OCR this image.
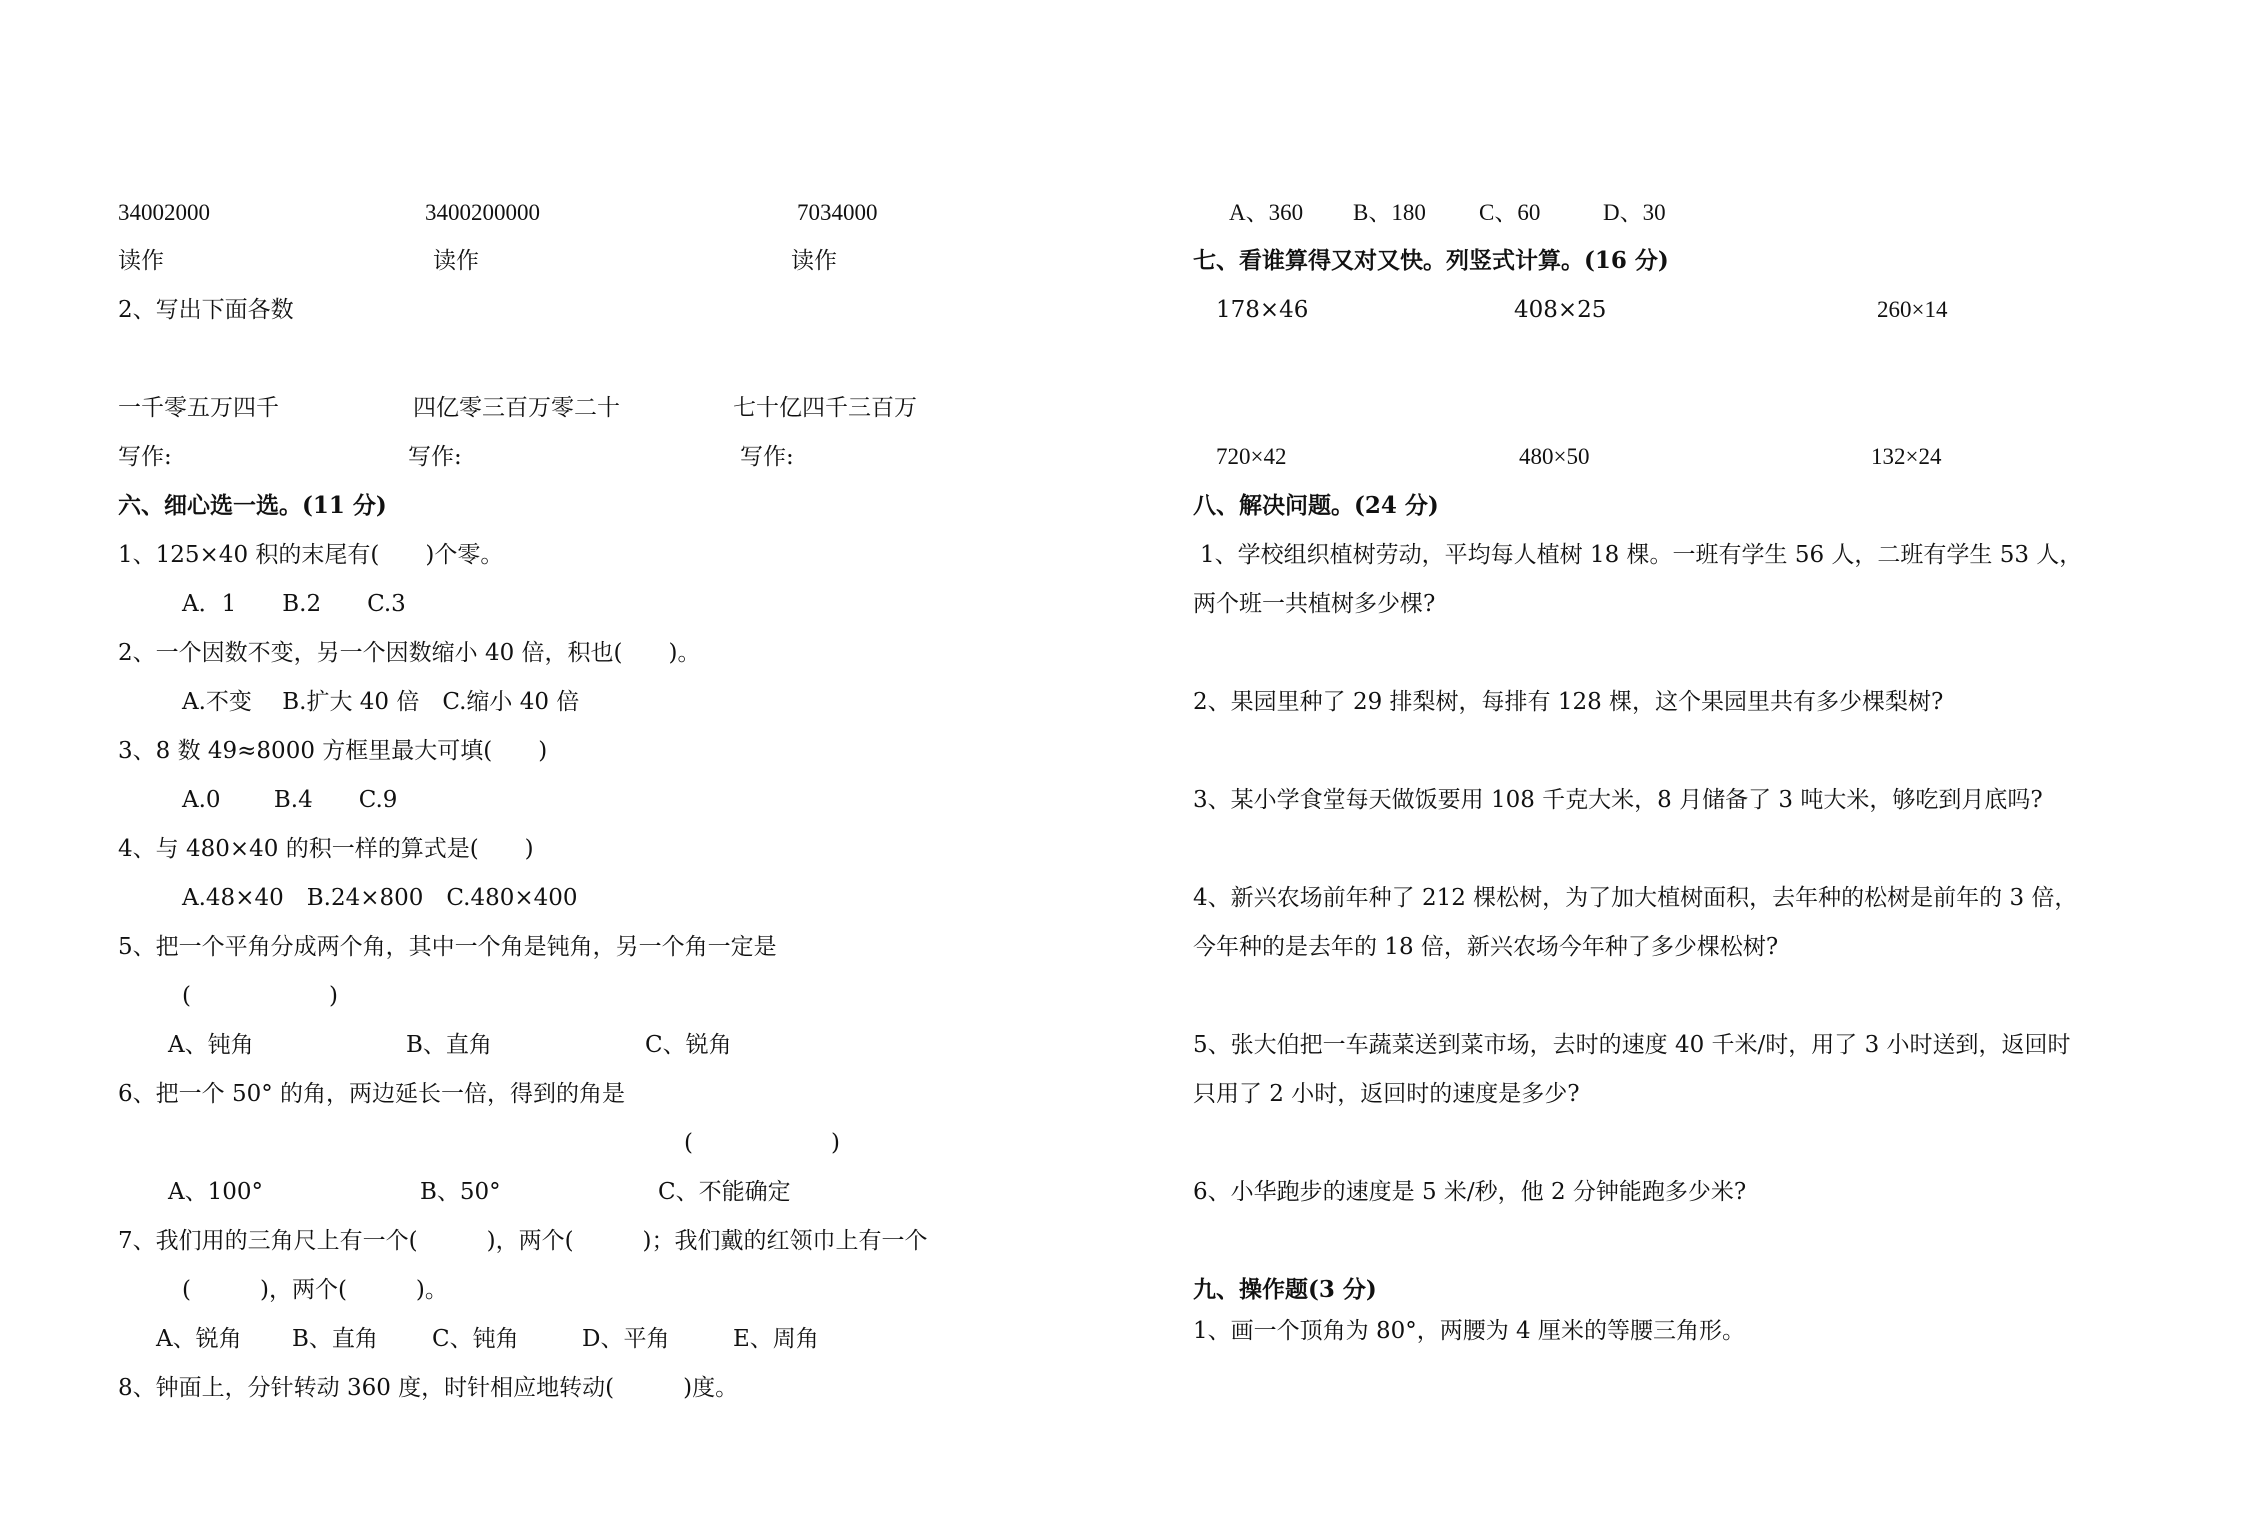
34002000	3400200000	7034000
读作	读作	读作
2、写出下面各数
一千零五万四千	四亿零三百万零二十	七十亿四千三百万
写作:	写作:	写作:
六、细心选一选。(11 分)
1、125×40 积的末尾有(　　)个零。
A．1　　B.2　　C.3
2、一个因数不变，另一个因数缩小 40 倍，积也(　　)。
A.不变　 B.扩大 40 倍　C.缩小 40 倍
3、8 数 49≈8000 方框里最大可填(　　)
A.0　　 B.4　　C.9
4、与 480×40 的积一样的算式是(　　)
A.48×40　B.24×800　C.480×400
5、把一个平角分成两个角，其中一个角是钝角，另一个角一定是
(　　　　　　)
A、钝角	B、直角	C、锐角
6、把一个 50° 的角，两边延长一倍，得到的角是
(　　　　　　)
A、100°	B、50°	C、不能确定
7、我们用的三角尺上有一个(　　　)，两个(　　　)；我们戴的红领巾上有一个
(　　　)，两个(　　　)。
A、锐角 B、直角 C、钝角	D、平角	E、周角
8、钟面上，分针转动 360 度，时针相应地转动(　　　)度。
A、360 B、180 C、60	D、30
七、看谁算得又对又快。列竖式计算。(16 分)
178×46	408×25	260×14
720×42	480×50	132×24
八、解决问题。(24 分)
1、学校组织植树劳动，平均每人植树 18 棵。一班有学生 56 人，二班有学生 53 人，
两个班一共植树多少棵?
2、果园里种了 29 排梨树，每排有 128 棵，这个果园里共有多少棵梨树?
3、某小学食堂每天做饭要用 108 千克大米，8 月储备了 3 吨大米，够吃到月底吗?
4、新兴农场前年种了 212 棵松树，为了加大植树面积，去年种的松树是前年的 3 倍，
今年种的是去年的 18 倍，新兴农场今年种了多少棵松树?
5、张大伯把一车蔬菜送到菜市场，去时的速度 40 千米/时，用了 3 小时送到，返回时
只用了 2 小时，返回时的速度是多少?
6、小华跑步的速度是 5 米/秒，他 2 分钟能跑多少米?
九、操作题(3 分)
1、画一个顶角为 80°，两腰为 4 厘米的等腰三角形。
